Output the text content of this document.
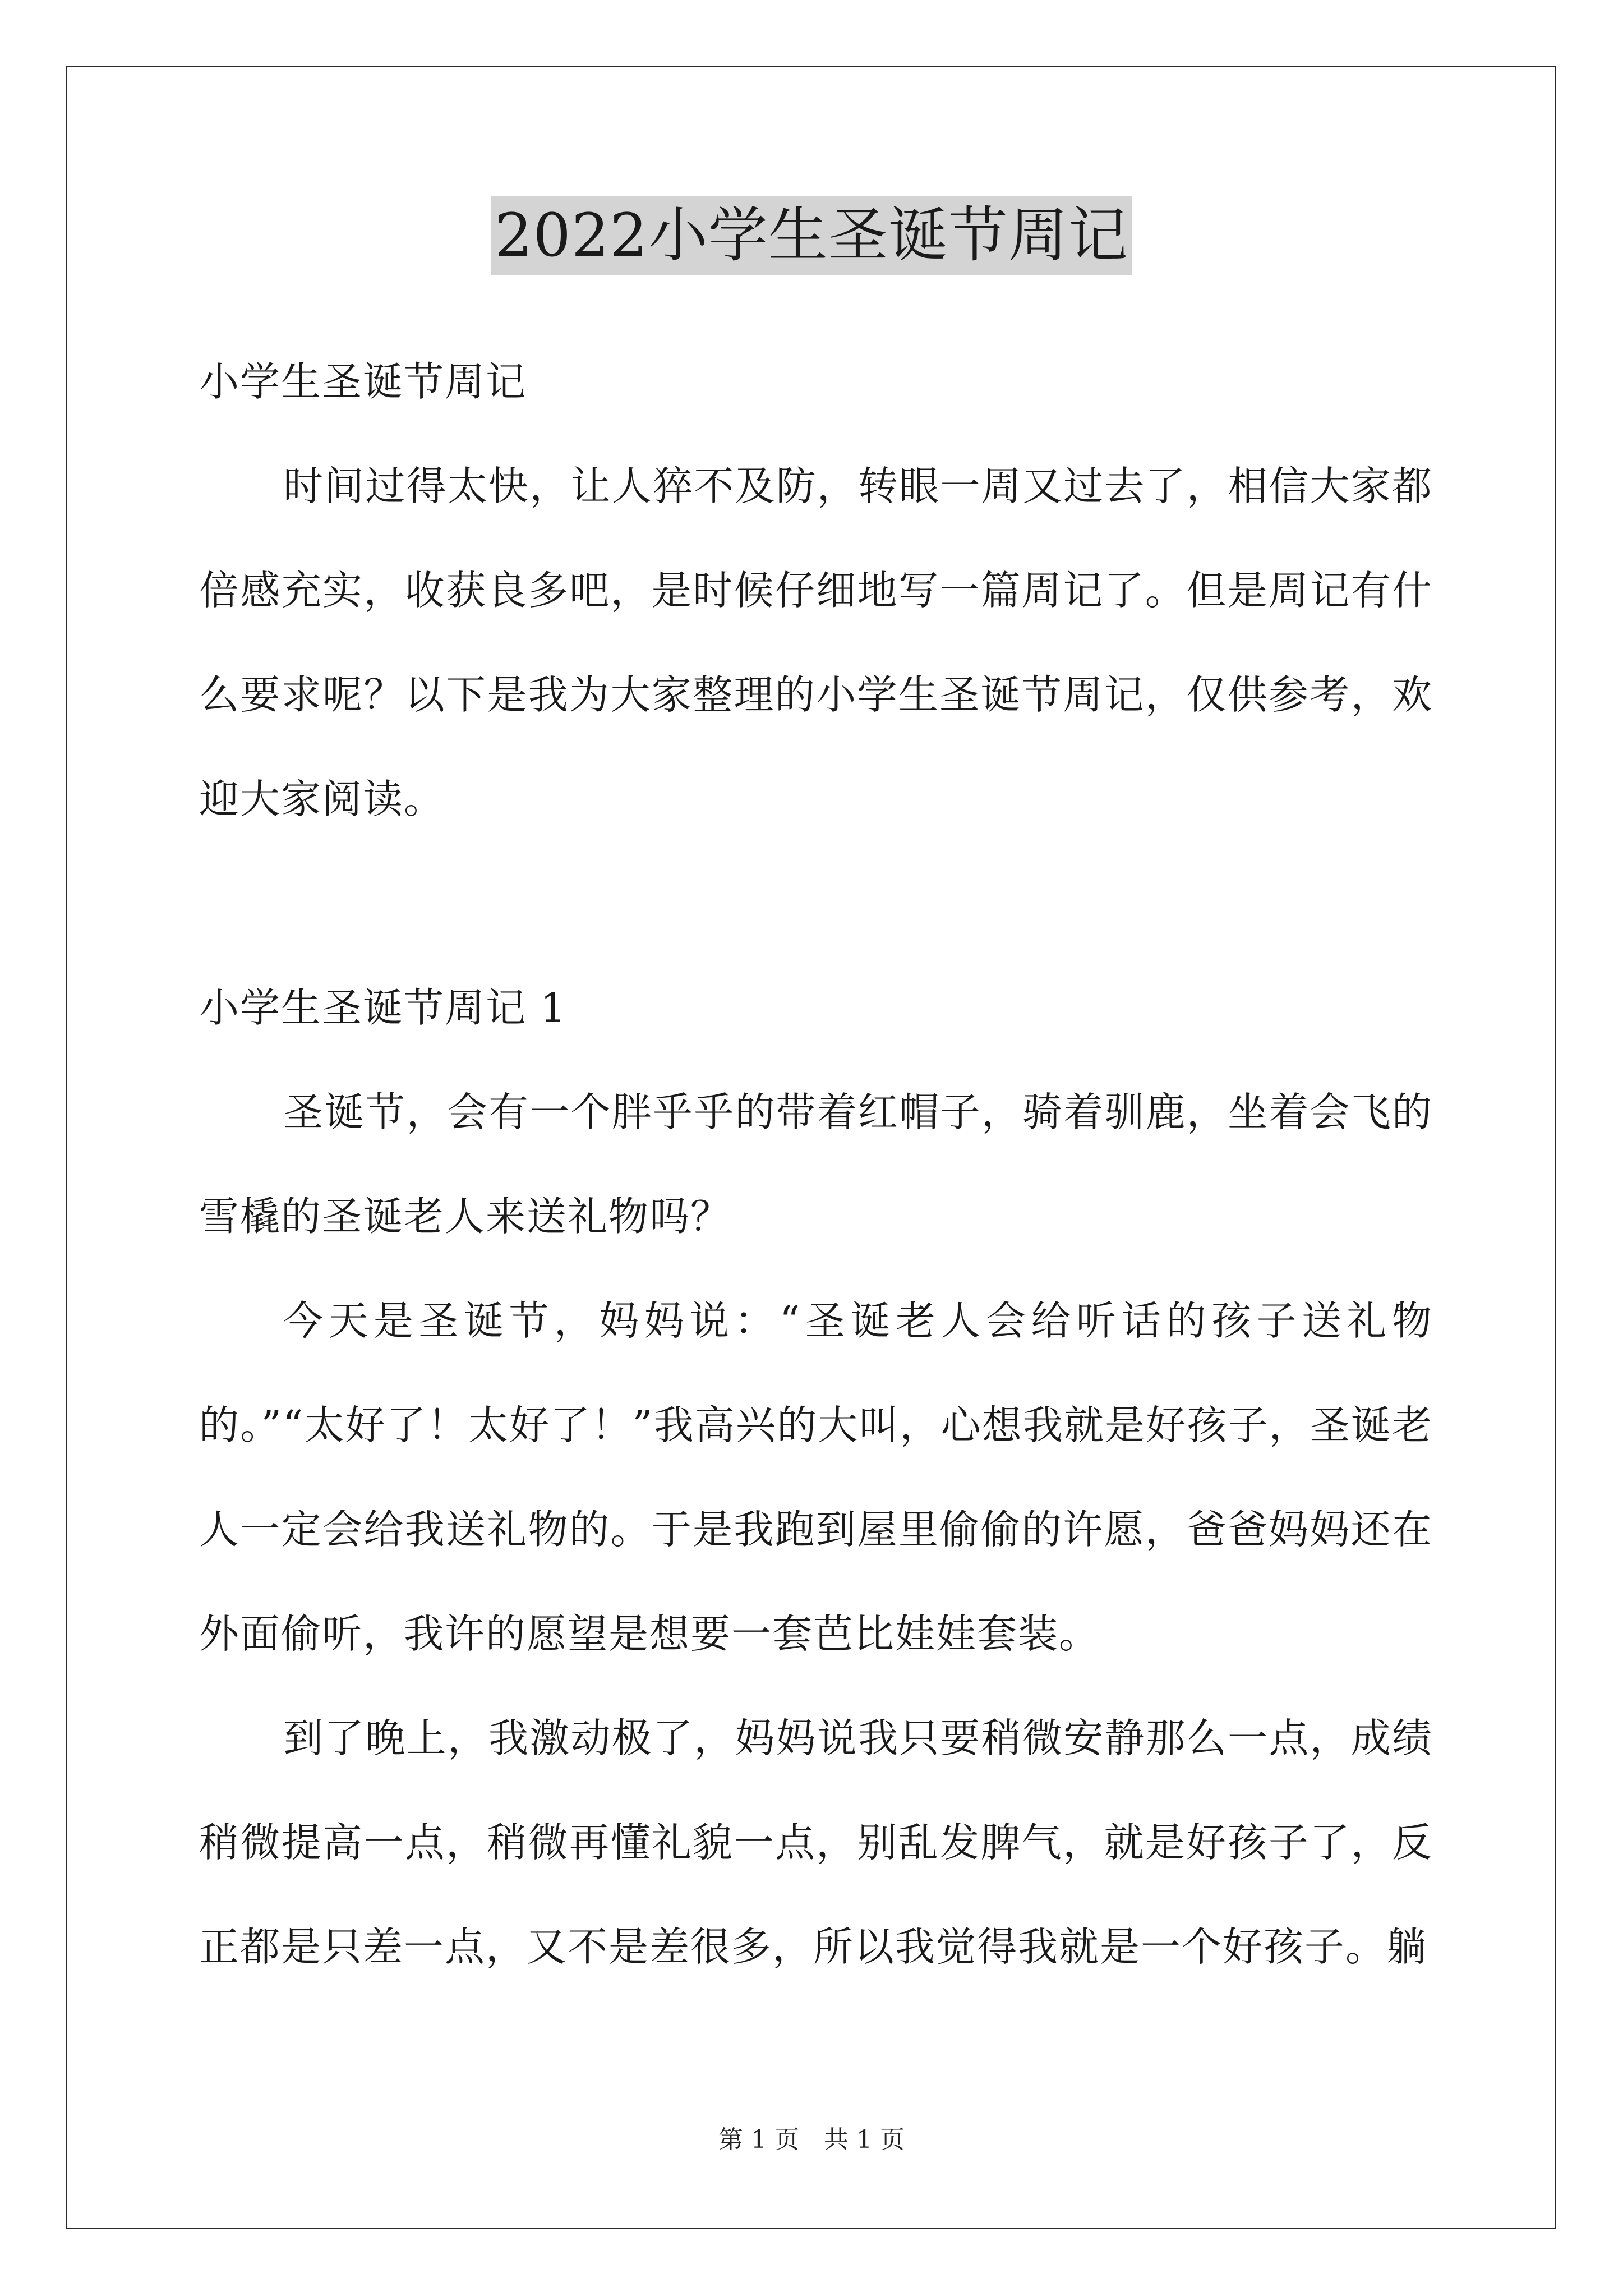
2022小学生圣诞节周记

小学生圣诞节周记

时间过得太快，让人猝不及防，转眼一周又过去了，相信大家都倍感充实，收获良多吧，是时候仔细地写一篇周记了。但是周记有什么要求呢？以下是我为大家整理的小学生圣诞节周记，仅供参考，欢迎大家阅读。

小学生圣诞节周记 1

圣诞节，会有一个胖乎乎的带着红帽子，骑着驯鹿，坐着会飞的雪橇的圣诞老人来送礼物吗？

今天是圣诞节，妈妈说：“圣诞老人会给听话的孩子送礼物的。”“太好了！太好了！”我高兴的大叫，心想我就是好孩子，圣诞老人一定会给我送礼物的。于是我跑到屋里偷偷的许愿，爸爸妈妈还在外面偷听，我许的愿望是想要一套芭比娃娃套装。

到了晚上，我激动极了，妈妈说我只要稍微安静那么一点，成绩稍微提高一点，稍微再懂礼貌一点，别乱发脾气，就是好孩子了，反正都是只差一点，又不是差很多，所以我觉得我就是一个好孩子。躺

第 1 页　共 1 页
